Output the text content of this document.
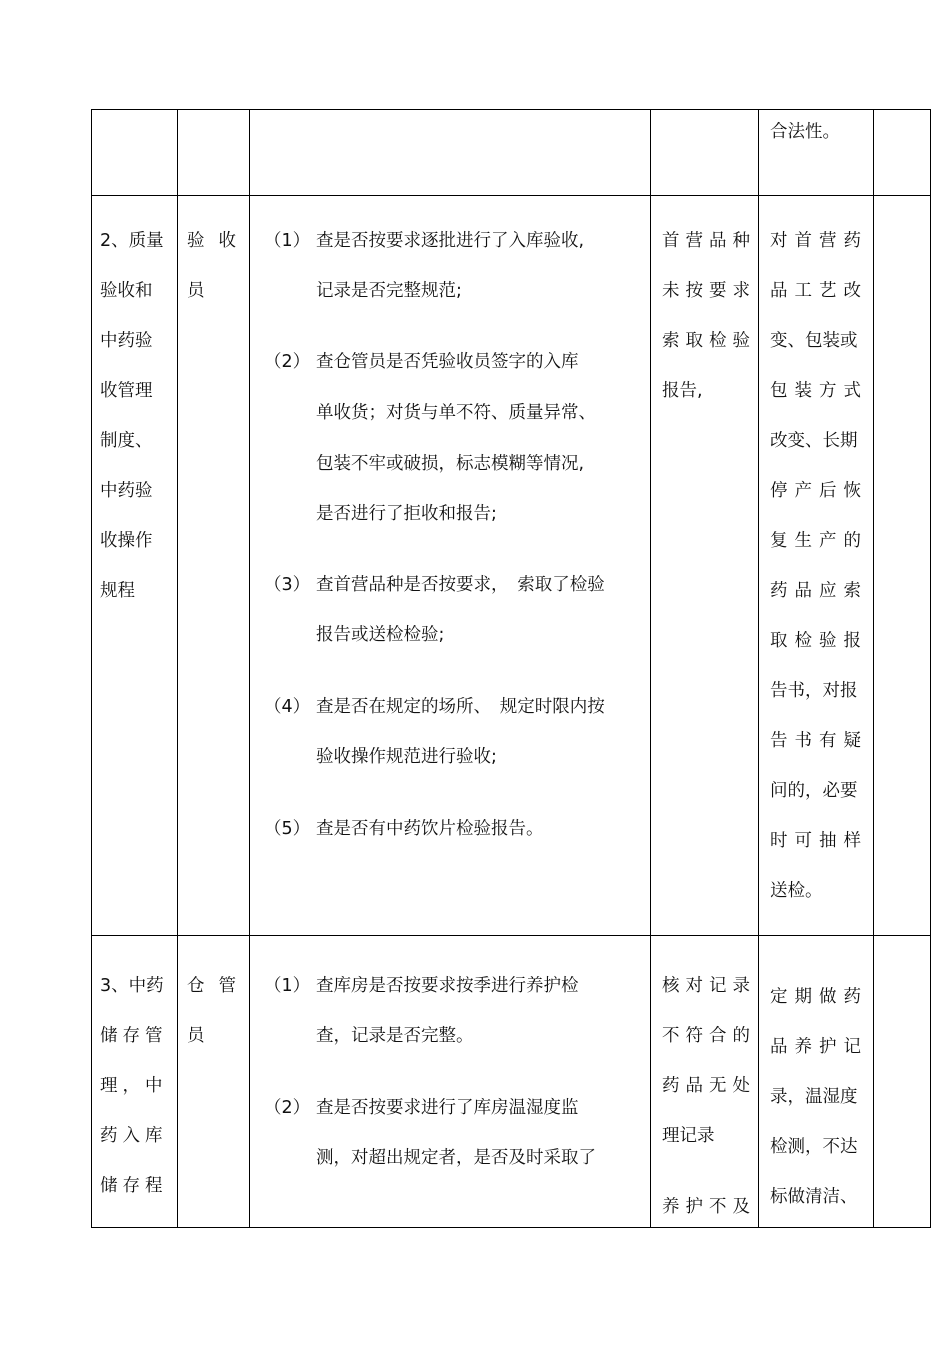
合法性。
2、质量
验收和
中药验
收管理
制度、
中药验
收操作
规程
验收
员
（1） 查是否按要求逐批进行了入库验收,
记录是否完整规范;
（2） 查仓管员是否凭验收员签字的入库
单收货；对货与单不符、质量异常、
包装不牢或破损，标志模糊等情况,
是否进行了拒收和报告;
（3） 查首营品种是否按要求，　索取了检验
报告或送检检验;
（4） 查是否在规定的场所、　规定时限内按
验收操作规范进行验收;
（5） 查是否有中药饮片检验报告。
首营品种
未按要求
索取检验
报告,
对首营药
品工艺改
变、包装或
包装方式
改变、长期
停产后恢
复生产的
药品应索
取检验报
告书，对报
告书有疑
问的，必要
时可抽样
送检。
3、中药
储存管
理，中
药入库
储存程
仓管
员
（1） 查库房是否按要求按季进行养护检
查，记录是否完整。
（2） 查是否按要求进行了库房温湿度监
测，对超出规定者，是否及时采取了
核对记录
不符合的
药品无处
理记录
养护不及
定期做药
品养护记
录，温湿度
检测，不达
标做清洁、
